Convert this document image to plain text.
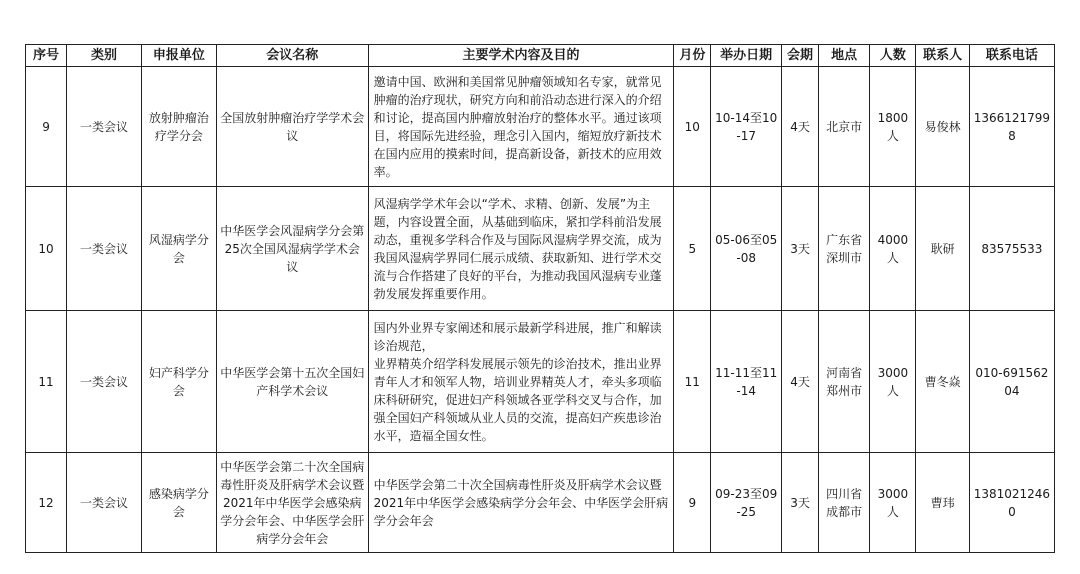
序号	类别	申报单位	会议名称	主要学术内容及目的	月份	举办日期	会期	地点	人数	联系人	联系电话
9	一类会议	放射肿瘤治疗学分会	全国放射肿瘤治疗学学术会议	邀请中国、欧洲和美国常见肿瘤领域知名专家，就常见肿瘤的治疗现状，研究方向和前沿动态进行深入的介绍和讨论，提高国内肿瘤放射治疗的整体水平。通过该项目，将国际先进经验，理念引入国内，缩短放疗新技术在国内应用的摸索时间，提高新设备，新技术的应用效率。	10	10-14至10-17	4天	北京市	1800人	易俊林	13661217998
10	一类会议	风湿病学分会	中华医学会风湿病学分会第25次全国风湿病学学术会议	风湿病学学术年会以“学术、求精、创新、发展”为主题，内容设置全面，从基础到临床，紧扣学科前沿发展动态，重视多学科合作及与国际风湿病学界交流，成为我国风湿病学界同仁展示成绩、获取新知、进行学术交流与合作搭建了良好的平台，为推动我国风湿病专业蓬勃发展发挥重要作用。	5	05-06至05-08	3天	广东省深圳市	4000人	耿研	83575533
11	一类会议	妇产科学分会	中华医学会第十五次全国妇产科学术会议	国内外业界专家阐述和展示最新学科进展，推广和解读诊治规范，
业界精英介绍学科发展展示领先的诊治技术，推出业界青年人才和领军人物，培训业界精英人才，牵头多项临床科研研究，促进妇产科领域各亚学科交叉与合作，加强全国妇产科领域从业人员的交流，提高妇产疾患诊治水平，造福全国女性。	11	11-11至11-14	4天	河南省郑州市	3000人	曹冬焱	010-69156204
12	一类会议	感染病学分会	中华医学会第二十次全国病毒性肝炎及肝病学术会议暨2021年中华医学会感染病学分会年会、中华医学会肝病学分会年会	中华医学会第二十次全国病毒性肝炎及肝病学术会议暨2021年中华医学会感染病学分会年会、中华医学会肝病学分会年会	9	09-23至09-25	3天	四川省成都市	3000人	曹玮	13810212460
